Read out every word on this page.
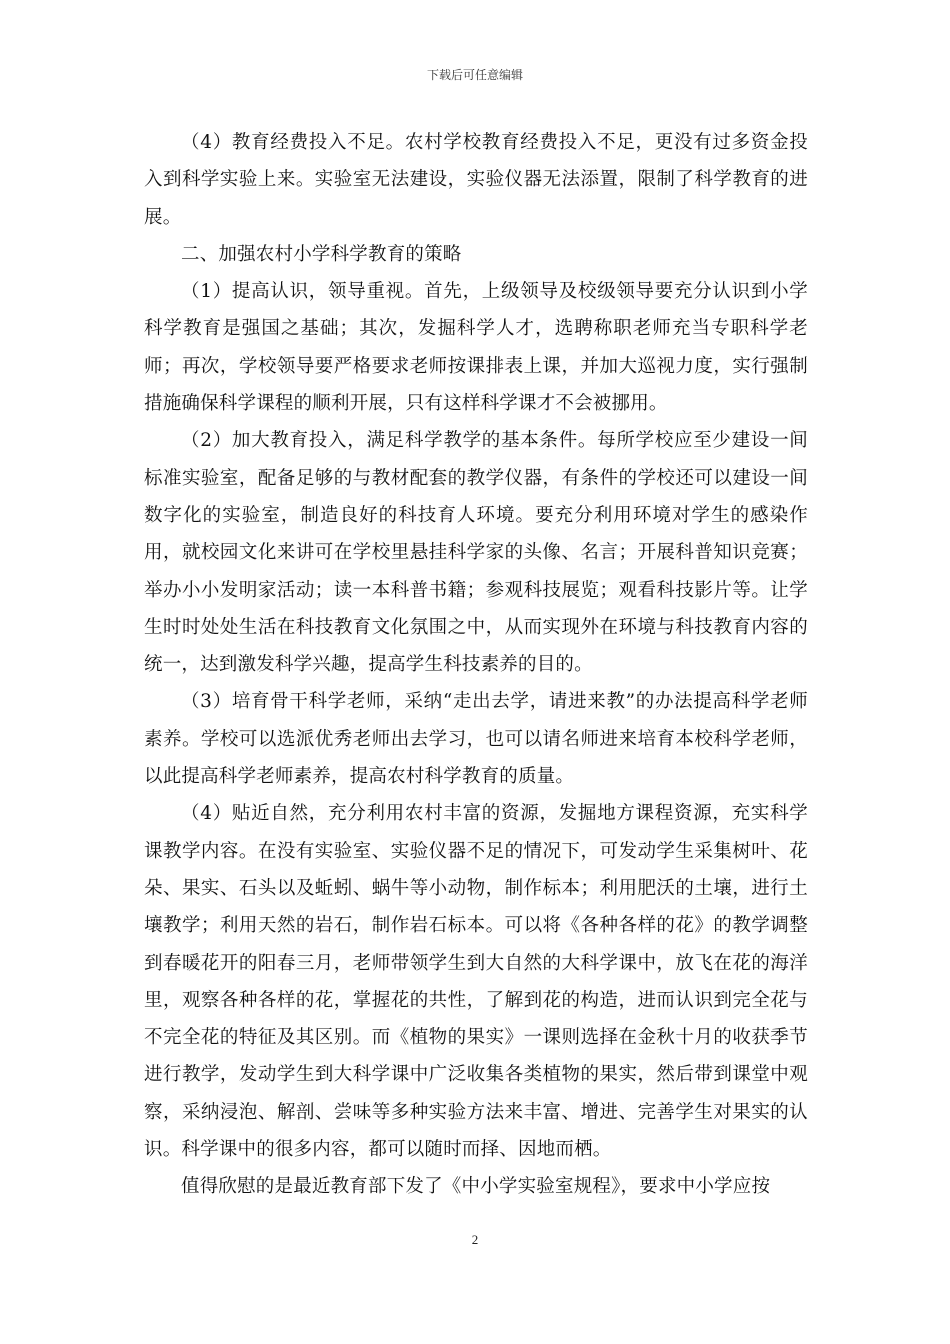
下载后可任意编辑

（4）教育经费投入不足。农村学校教育经费投入不足，更没有过多资金投入到科学实验上来。实验室无法建设，实验仪器无法添置，限制了科学教育的进展。

二、加强农村小学科学教育的策略

（1）提高认识，领导重视。首先，上级领导及校级领导要充分认识到小学科学教育是强国之基础；其次，发掘科学人才，选聘称职老师充当专职科学老师；再次，学校领导要严格要求老师按课排表上课，并加大巡视力度，实行强制措施确保科学课程的顺利开展，只有这样科学课才不会被挪用。

（2）加大教育投入，满足科学教学的基本条件。每所学校应至少建设一间标准实验室，配备足够的与教材配套的教学仪器，有条件的学校还可以建设一间数字化的实验室，制造良好的科技育人环境。要充分利用环境对学生的感染作用，就校园文化来讲可在学校里悬挂科学家的头像、名言；开展科普知识竞赛；举办小小发明家活动；读一本科普书籍；参观科技展览；观看科技影片等。让学生时时处处生活在科技教育文化氛围之中，从而实现外在环境与科技教育内容的统一，达到激发科学兴趣，提高学生科技素养的目的。

（3）培育骨干科学老师，采纳“走出去学，请进来教”的办法提高科学老师素养。学校可以选派优秀老师出去学习，也可以请名师进来培育本校科学老师，以此提高科学老师素养，提高农村科学教育的质量。

（4）贴近自然，充分利用农村丰富的资源，发掘地方课程资源，充实科学课教学内容。在没有实验室、实验仪器不足的情况下，可发动学生采集树叶、花朵、果实、石头以及蚯蚓、蜗牛等小动物，制作标本；利用肥沃的土壤，进行土壤教学；利用天然的岩石，制作岩石标本。可以将《各种各样的花》的教学调整到春暖花开的阳春三月，老师带领学生到大自然的大科学课中，放飞在花的海洋里，观察各种各样的花，掌握花的共性，了解到花的构造，进而认识到完全花与不完全花的特征及其区别。而《植物的果实》一课则选择在金秋十月的收获季节进行教学，发动学生到大科学课中广泛收集各类植物的果实，然后带到课堂中观察，采纳浸泡、解剖、尝味等多种实验方法来丰富、增进、完善学生对果实的认识。科学课中的很多内容，都可以随时而择、因地而栖。

值得欣慰的是最近教育部下发了《中小学实验室规程》，要求中小学应按

2
